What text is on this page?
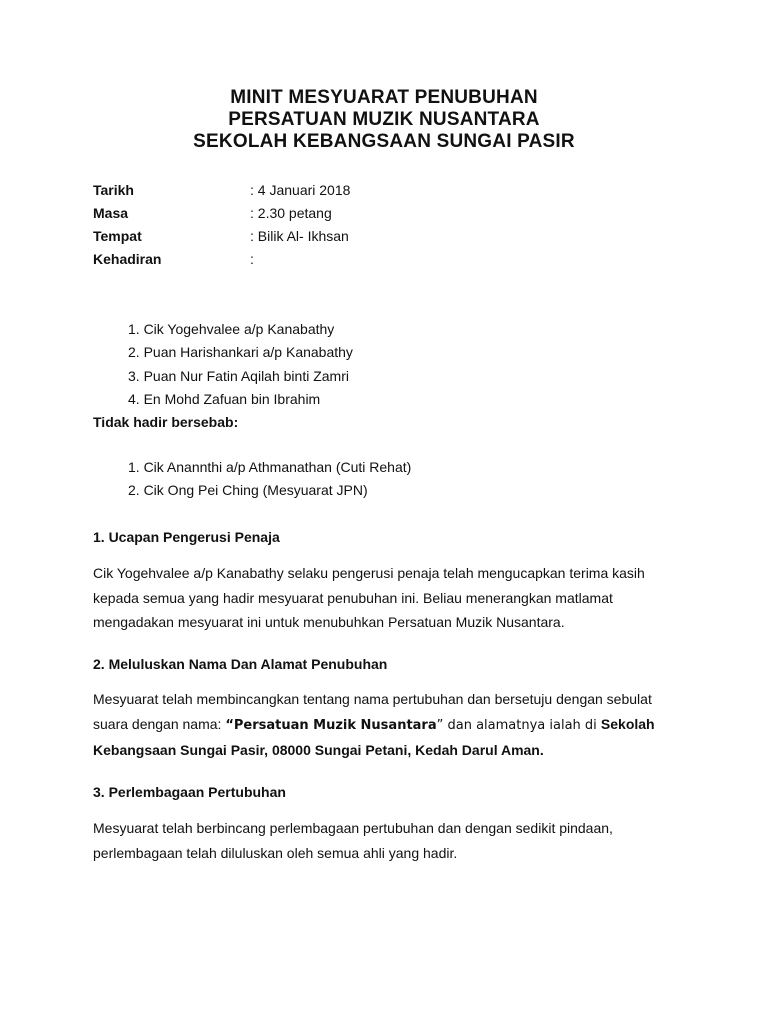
MINIT MESYUARAT PENUBUHAN
PERSATUAN MUZIK NUSANTARA
SEKOLAH KEBANGSAAN SUNGAI PASIR
Tarikh	: 4 Januari 2018
Masa	: 2.30 petang
Tempat	: Bilik Al- Ikhsan
Kehadiran	:
1. Cik Yogehvalee a/p Kanabathy
2. Puan Harishankari a/p Kanabathy
3. Puan Nur Fatin Aqilah binti Zamri
4. En Mohd Zafuan bin Ibrahim
Tidak hadir bersebab:
1. Cik Anannthi a/p Athmanathan (Cuti Rehat)
2. Cik Ong Pei Ching (Mesyuarat JPN)
1. Ucapan Pengerusi Penaja
Cik Yogehvalee a/p Kanabathy selaku pengerusi penaja telah mengucapkan terima kasih
kepada semua yang hadir mesyuarat penubuhan ini. Beliau menerangkan matlamat
mengadakan mesyuarat ini untuk menubuhkan Persatuan Muzik Nusantara.
2. Meluluskan Nama Dan Alamat Penubuhan
Mesyuarat telah membincangkan tentang nama pertubuhan dan bersetuju dengan sebulat
suara dengan nama: “Persatuan Muzik Nusantara” dan alamatnya ialah di Sekolah
Kebangsaan Sungai Pasir, 08000 Sungai Petani, Kedah Darul Aman.
3. Perlembagaan Pertubuhan
Mesyuarat telah berbincang perlembagaan pertubuhan dan dengan sedikit pindaan,
perlembagaan telah diluluskan oleh semua ahli yang hadir.
